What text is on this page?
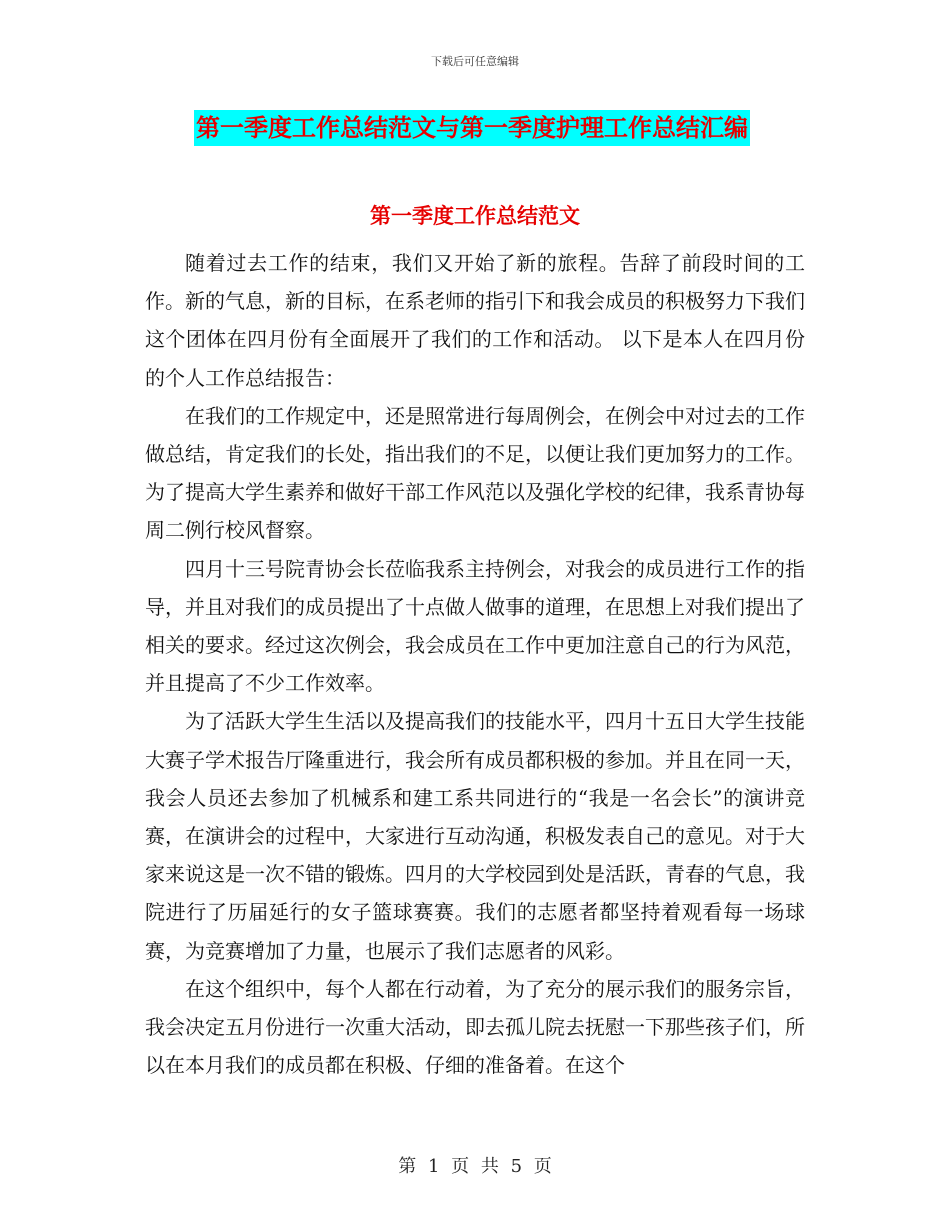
下载后可任意编辑
第一季度工作总结范文与第一季度护理工作总结汇编
第一季度工作总结范文

随着过去工作的结束，我们又开始了新的旅程。告辞了前段时间的工作。新的气息，新的目标，在系老师的指引下和我会成员的积极努力下我们这个团体在四月份有全面展开了我们的工作和活动。 以下是本人在四月份的个人工作总结报告：

在我们的工作规定中，还是照常进行每周例会，在例会中对过去的工作做总结，肯定我们的长处，指出我们的不足，以便让我们更加努力的工作。为了提高大学生素养和做好干部工作风范以及强化学校的纪律，我系青协每周二例行校风督察。

四月十三号院青协会长莅临我系主持例会，对我会的成员进行工作的指导，并且对我们的成员提出了十点做人做事的道理，在思想上对我们提出了相关的要求。经过这次例会，我会成员在工作中更加注意自己的行为风范，并且提高了不少工作效率。

为了活跃大学生生活以及提高我们的技能水平，四月十五日大学生技能大赛子学术报告厅隆重进行，我会所有成员都积极的参加。并且在同一天，我会人员还去参加了机械系和建工系共同进行的“我是一名会长”的演讲竞赛，在演讲会的过程中，大家进行互动沟通，积极发表自己的意见。对于大家来说这是一次不错的锻炼。四月的大学校园到处是活跃，青春的气息，我院进行了历届延行的女子篮球赛赛。我们的志愿者都坚持着观看每一场球赛，为竞赛增加了力量，也展示了我们志愿者的风彩。

在这个组织中，每个人都在行动着，为了充分的展示我们的服务宗旨，我会决定五月份进行一次重大活动，即去孤儿院去抚慰一下那些孩子们，所以在本月我们的成员都在积极、仔细的准备着。在这个

第 1 页 共 5 页
